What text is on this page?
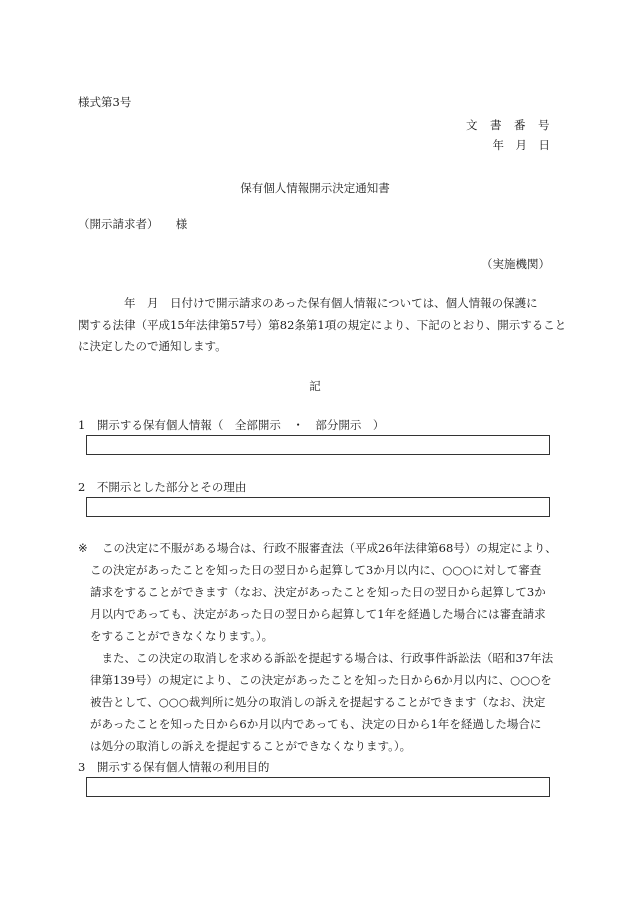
様式第3号
文　書　番　号
年　月　日
保有個人情報開示決定通知書
（開示請求者）　　様
（実施機関）
　　　　年　月　日付けで開示請求のあった保有個人情報については、個人情報の保護に
関する法律（平成15年法律第57号）第82条第1項の規定により、下記のとおり、開示すること
に決定したので通知します。
記
1　開示する保有個人情報（　全部開示　・　部分開示　）
2　不開示とした部分とその理由
※ この決定に不服がある場合は、行政不服審査法（平成26年法律第68号）の規定により、
この決定があったことを知った日の翌日から起算して3か月以内に、○○○に対して審査
請求をすることができます（なお、決定があったことを知った日の翌日から起算して3か
月以内であっても、決定があった日の翌日から起算して1年を経過した場合には審査請求
をすることができなくなります。）。
　また、この決定の取消しを求める訴訟を提起する場合は、行政事件訴訟法（昭和37年法
律第139号）の規定により、この決定があったことを知った日から6か月以内に、○○○を
被告として、○○○裁判所に処分の取消しの訴えを提起することができます（なお、決定
があったことを知った日から6か月以内であっても、決定の日から1年を経過した場合に
は処分の取消しの訴えを提起することができなくなります。）。
3　開示する保有個人情報の利用目的
